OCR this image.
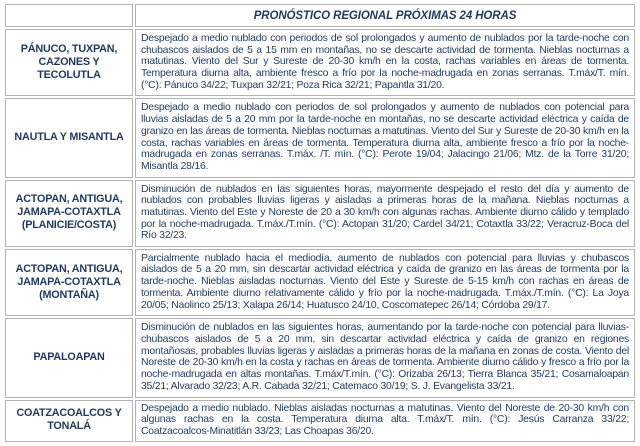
	PRONÓSTICO REGIONAL PRÓXIMAS 24 HORAS
PÁNUCO, TUXPAN, CAZONES Y TECOLUTLA	Despejado a medio nublado con periodos de sol prolongados y aumento de nublados por la tarde-noche con chubascos aislados de 5 a 15 mm en montañas, no se descarte actividad de tormenta. Nieblas nocturnas a matutinas. Viento del Sur y Sureste de 20-30 km/h en la costa, rachas variables en áreas de tormenta. Temperatura diurna alta, ambiente fresco a frío por la noche-madrugada en zonas serranas. T.máx/T. mín. (°C): Pánuco 34/22; Tuxpan 32/21; Poza Rica 32/21; Papantla 31/20.
NAUTLA Y MISANTLA	Despejado a medio nublado con periodos de sol prolongados y aumento de nublados con potencial para lluvias aisladas de 5 a 20 mm por la tarde-noche en montañas, no se descarte actividad eléctrica y caída de granizo en las áreas de tormenta. Nieblas nocturnas a matutinas. Viento del Sur y Sureste de 20-30 km/h en la costa, rachas variables en áreas de tormenta. Temperatura diurna alta, ambiente fresco a frío por la noche-madrugada en zonas serranas. T.máx. /T. mín. (°C): Perote 19/04; Jalacingo 21/06; Mtz. de la Torre 31/20; Misantla 28/16.
ACTOPAN, ANTIGUA, JAMAPA-COTAXTLA (PLANICIE/COSTA)	Disminución de nublados en las siguientes horas, mayormente despejado el resto del día y aumento de nublados con probables lluvias ligeras y aisladas a primeras horas de la mañana. Nieblas nocturnas a matutinas. Viento del Este y Noreste de 20 a 30 km/h con algunas rachas. Ambiente diurno cálido y templado por la noche-madrugada. T.máx./T.mín. (°C): Actopan 31/20; Cardel 34/21; Cotaxtla 33/22; Veracruz-Boca del Río 32/23.
ACTOPAN, ANTIGUA, JAMAPA-COTAXTLA (MONTAÑA)	Parcialmente nublado hacia el mediodía, aumento de nublados con potencial para lluvias y chubascos aislados de 5 a 20 mm, sin descartar actividad eléctrica y caída de granizo en las áreas de tormenta por la tarde-noche. Nieblas aisladas nocturnas. Viento del Este y Sureste de 5-15 km/h con rachas en áreas de tormenta. Ambiente diurno relativamente cálido y frío por la noche-madrugada. T.máx./T.mín. (°C): La Joya 20/05; Naolinco 25/13; Xalapa 26/14; Huatusco 24/10, Coscomatepec 26/14; Córdoba 29/17.
PAPALOAPAN	Disminución de nublados en las siguientes horas, aumentando por la tarde-noche con potencial para lluvias-chubascos aislados de 5 a 20 mm, sin descartar actividad eléctrica y caída de granizo en regiones montañosas, probables lluvias ligeras y aisladas a primeras horas de la mañana en zonas de costa. Viento del Noreste de 20-30 km/h en la costa y rachas en áreas de tormenta. Ambiente diurno cálido y fresco a frío por la noche-madrugada en altas montañas. T.máx/T.mín. (°C): Orizaba 26/13; Tierra Blanca 35/21; Cosamaloapan 35/21; Alvarado 32/23; A.R. Cabada 32/21; Catemaco 30/19; S. J. Evangelista 33/21.
COATZACOALCOS Y TONALÁ	Despejado a medio nublado. Nieblas aisladas nocturnas a matutinas. Viento del Noreste de 20-30 km/h con algunas rachas en la costa. Temperatura diurna alta. T.máx/T. mín. (°C): Jesús Carranza 33/22; Coatzacoalcos-Minatitlán 33/23; Las Choapas 36/20.
